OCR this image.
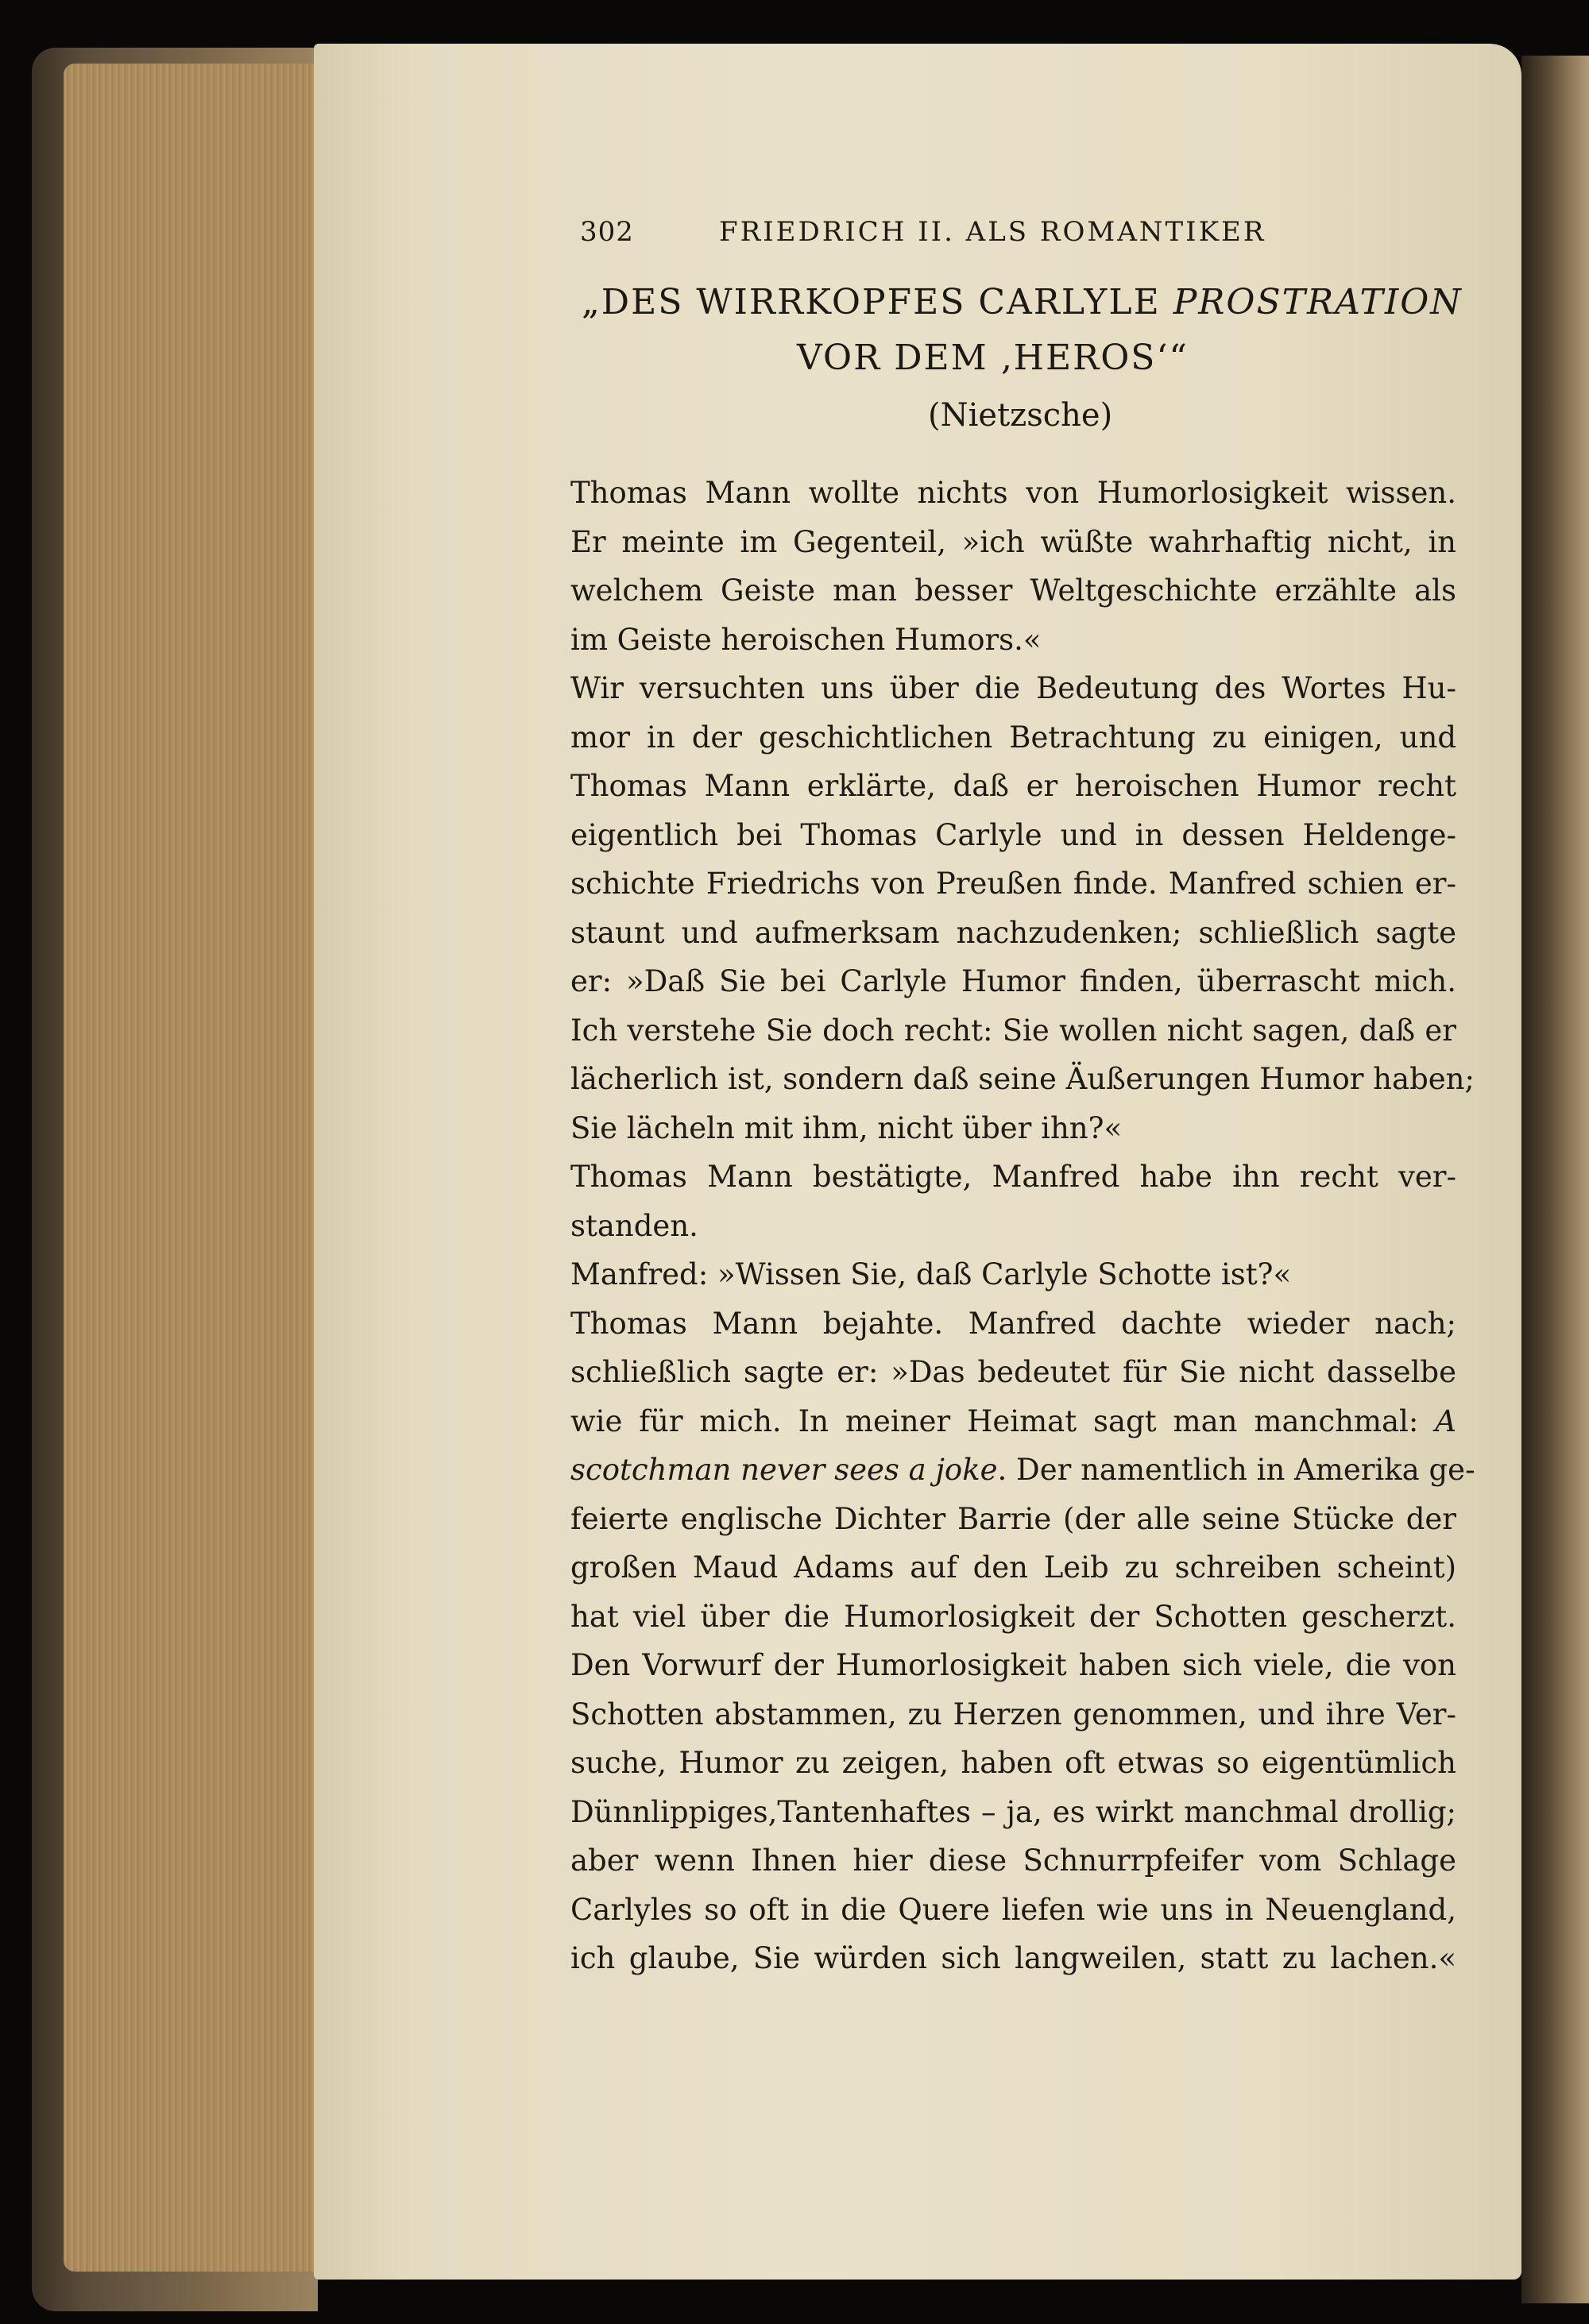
302	FRIEDRICH II. ALS ROMANTIKER
„DES WIRRKOPFES CARLYLE PROSTRATION
VOR DEM ‚HEROS‘“
(Nietzsche)
Thomas Mann wollte nichts von Humorlosigkeit wissen.
Er meinte im Gegenteil, »ich wüßte wahrhaftig nicht, in
welchem Geiste man besser Weltgeschichte erzählte als
im Geiste heroischen Humors.«
Wir versuchten uns über die Bedeutung des Wortes Hu-
mor in der geschichtlichen Betrachtung zu einigen, und
Thomas Mann erklärte, daß er heroischen Humor recht
eigentlich bei Thomas Carlyle und in dessen Heldenge-
schichte Friedrichs von Preußen finde. Manfred schien er-
staunt und aufmerksam nachzudenken; schließlich sagte
er: »Daß Sie bei Carlyle Humor finden, überrascht mich.
Ich verstehe Sie doch recht: Sie wollen nicht sagen, daß er
lächerlich ist, sondern daß seine Äußerungen Humor haben;
Sie lächeln mit ihm, nicht über ihn?«
Thomas Mann bestätigte, Manfred habe ihn recht ver-
standen.
Manfred: »Wissen Sie, daß Carlyle Schotte ist?«
Thomas Mann bejahte. Manfred dachte wieder nach;
schließlich sagte er: »Das bedeutet für Sie nicht dasselbe
wie für mich. In meiner Heimat sagt man manchmal: A
scotchman never sees a joke. Der namentlich in Amerika ge-
feierte englische Dichter Barrie (der alle seine Stücke der
großen Maud Adams auf den Leib zu schreiben scheint)
hat viel über die Humorlosigkeit der Schotten gescherzt.
Den Vorwurf der Humorlosigkeit haben sich viele, die von
Schotten abstammen, zu Herzen genommen, und ihre Ver-
suche, Humor zu zeigen, haben oft etwas so eigentümlich
Dünnlippiges,Tantenhaftes – ja, es wirkt manchmal drollig;
aber wenn Ihnen hier diese Schnurrpfeifer vom Schlage
Carlyles so oft in die Quere liefen wie uns in Neuengland,
ich glaube, Sie würden sich langweilen, statt zu lachen.«
